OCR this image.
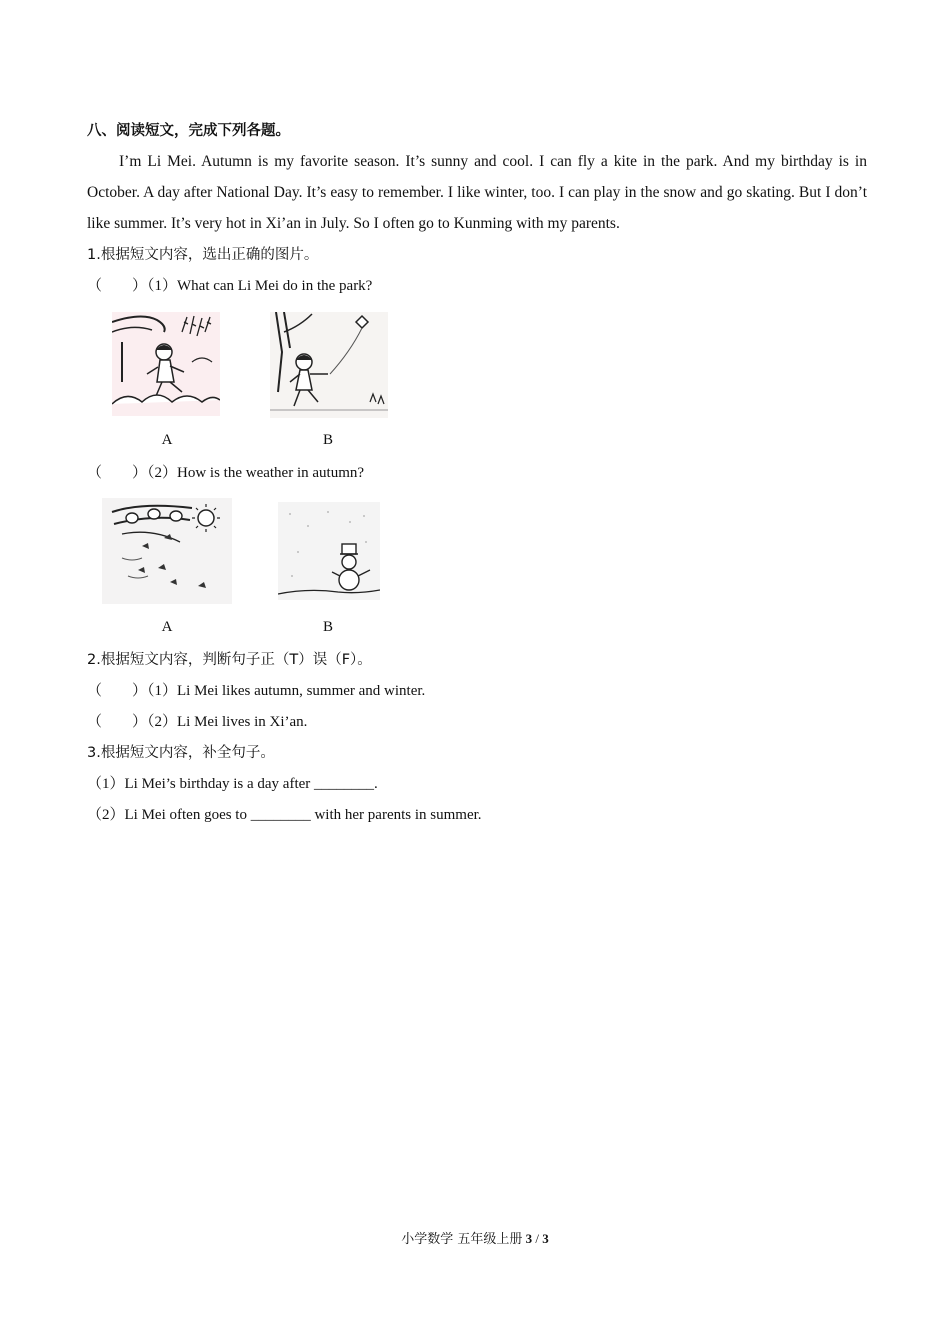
八、阅读短文，完成下列各题。
I’m Li Mei. Autumn is my favorite season. It’s sunny and cool. I can fly a kite in the park. And my birthday is in October. A day after National Day. It’s easy to remember. I like winter, too. I can play in the snow and go skating. But I don’t like summer. It’s very hot in Xi’an in July. So I often go to Kunming with my parents.
1.根据短文内容，选出正确的图片。
（　　）（1）What can Li Mei do in the park?
A	B
（　　）（2）How is the weather in autumn?
A	B
2.根据短文内容，判断句子正（T）误（F）。
（　　）（1）Li Mei likes autumn, summer and winter.
（　　）（2）Li Mei lives in Xi’an.
3.根据短文内容，补全句子。
（1）Li Mei’s birthday is a day after ________.
（2）Li Mei often goes to ________ with her parents in summer.
小学数学 五年级上册 3 / 3
